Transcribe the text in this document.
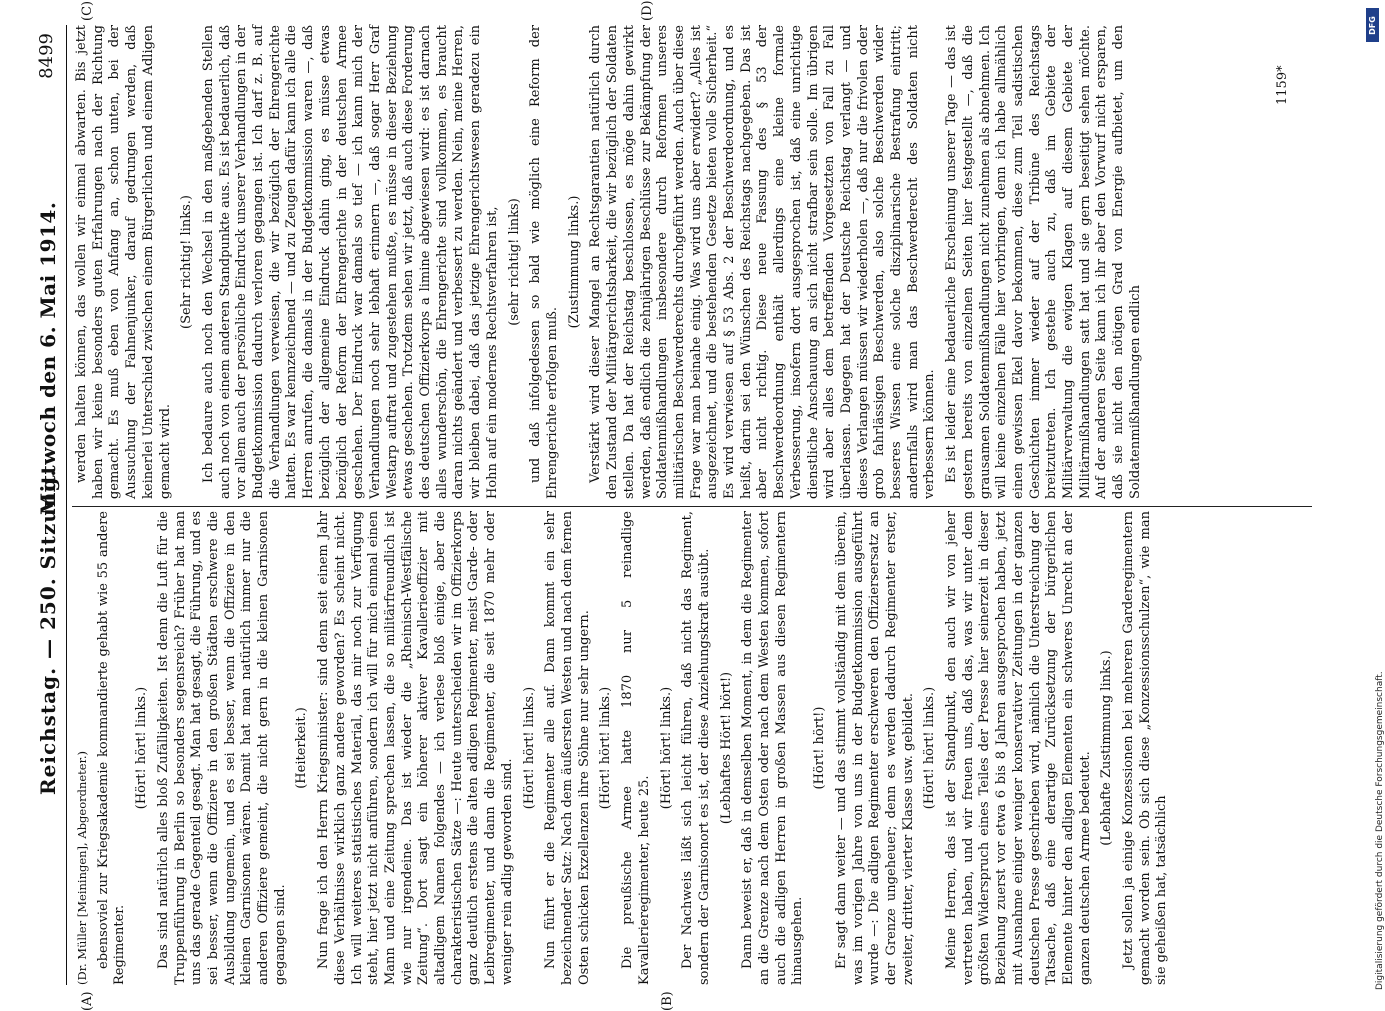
Reichstag. — 250. Sitzung.
Mittwoch den 6. Mai 1914.
8499
(A)	(B)
(C)	(D)

(Dr. Müller [Meiningen], Abgeordneter.) ebensoviel zur Kriegsakademie kommandierte gehabt wie 55 andere Regimenter.

(Hört! hört! links.) Das sind natürlich alles bloß Zufälligkeiten. Ist denn die Luft für die Truppenführung in Berlin so besonders segensreich? Früher hat man uns das gerade Gegenteil gesagt. Man hat gesagt, die Führung, und es sei besser, wenn die Offiziere in den großen Städten erschwere die Ausbildung ungemein, und es sei besser, wenn die Offiziere in den kleinen Garnisonen wären. Damit hat man natürlich immer nur die anderen Offiziere gemeint, die nicht gern in die kleinen Garnisonen gegangen sind.

(Heiterkeit.) Nun frage ich den Herrn Kriegsminister: sind denn seit einem Jahr diese Verhältnisse wirklich ganz andere geworden? Es scheint nicht. Ich will weiteres statistisches Material, das mir noch zur Verfügung steht, hier jetzt nicht anführen, sondern ich will für mich einmal einen Mann und eine Zeitung sprechen lassen, die so militärfreundlich ist wie nur irgendeine. Das ist wieder die „Rheinisch-Westfälische Zeitung“. Dort sagt ein höherer aktiver Kavallerieoffizier mit altadligem Namen folgendes — ich verlese bloß einige, aber die charakteristischen Sätze —: Heute unterscheiden wir im Offizierkorps ganz deutlich erstens die alten adligen Regimenter, meist Garde- oder Leibregimenter, und dann die Regimenter, die seit 1870 mehr oder weniger rein adlig geworden sind.

(Hört! hört! links.) Nun führt er die Regimenter alle auf. Dann kommt ein sehr bezeichnender Satz: Nach dem äußersten Westen und nach dem fernen Osten schicken Exzellenzen ihre Söhne nur sehr ungern. (Hört! hört! links.) Die preußische Armee hatte 1870 nur 5 reinadlige Kavallerieregimenter, heute 25.

(Hört! hört! links.) Der Nachweis läßt sich leicht führen, daß nicht das Regiment, sondern der Garnisonort es ist, der diese Anziehungskraft ausübt. (Lebhaftes Hört! hört!) Dann beweist er, daß in demselben Moment, in dem die Regimenter an die Grenze nach dem Osten oder nach dem Westen kommen, sofort auch die adligen Herren in großen Massen aus diesen Regimentern hinausgehen.

(Hört! hört!) Er sagt dann weiter — und das stimmt vollständig mit dem überein, was im vorigen Jahre von uns in der Budgetkommission ausgeführt wurde —: Die adligen Regimenter erschweren den Offiziersersatz an der Grenze ungeheuer; denn es werden dadurch Regimenter erster, zweiter, dritter, vierter Klasse usw. gebildet. (Hört! hört! links.) Meine Herren, das ist der Standpunkt, den auch wir von jeher vertreten haben, und wir freuen uns, daß das, was wir unter dem größten Widerspruch eines Teiles der Presse hier seinerzeit in dieser Beziehung zuerst vor etwa 6 bis 8 Jahren ausgesprochen haben, jetzt mit Ausnahme einiger weniger konservativer Zeitungen in der ganzen deutschen Presse geschrieben wird, nämlich die Unterstreichung der Tatsache, daß eine derartige Zurücksetzung der bürgerlichen Elemente hinter den adligen Elementen ein schweres Unrecht an der ganzen deutschen Armee bedeutet.

(Lebhafte Zustimmung links.) Jetzt sollen ja einige Konzessionen bei mehreren Garderegimentern gemacht worden sein. Ob sich diese „Konzessionsschulzen“, wie man sie geheißen hat, tatsächlich

werden halten können, das wollen wir einmal abwarten. Bis jetzt haben wir keine besonders guten Erfahrungen nach der Richtung gemacht. Es muß eben von Anfang an, schon unten, bei der Aussuchung der Fahnenjunker, darauf gedrungen werden, daß keinerlei Unterschied zwischen einem Bürgerlichen und einem Adligen gemacht wird.

(Sehr richtig! links.) Ich bedaure auch noch den Wechsel in den maßgebenden Stellen auch noch von einem anderen Standpunkte aus. Es ist bedauerlich, daß vor allem auch der persönliche Eindruck unserer Verhandlungen in der Budgetkommission dadurch verloren gegangen ist. Ich darf z. B. auf die Verhandlungen verweisen, die wir bezüglich der Ehrengerichte hatten. Es war kennzeichnend — und zu Zeugen dafür kann ich alle die Herren anrufen, die damals in der Budgetkommission waren —, daß bezüglich der allgemeine Eindruck dahin ging, es müsse etwas bezüglich der Reform der Ehrengerichte in der deutschen Armee geschehen. Der Eindruck war damals so tief — ich kann mich der Verhandlungen noch sehr lebhaft erinnern —, daß sogar Herr Graf Westarp auftrat und zugestehen mußte, es müsse in dieser Beziehung etwas geschehen. Trotzdem sehen wir jetzt, daß auch diese Forderung des deutschen Offizierkorps a limine abgewiesen wird: es ist darnach alles wunderschön, die Ehrengerichte sind vollkommen, es braucht daran nichts geändert und verbessert zu werden. Nein, meine Herren, wir bleiben dabei, daß das jetzige Ehrengerichtswesen geradezu ein Hohn auf ein modernes Rechtsverfahren ist, (sehr richtig! links) und daß infolgedessen so bald wie möglich eine Reform der Ehrengerichte erfolgen muß.

(Zustimmung links.) Verstärkt wird dieser Mangel an Rechtsgarantien natürlich durch den Zustand der Militärgerichtsbarkeit, die wir bezüglich der Soldaten stellen. Da hat der Reichstag beschlossen, es möge dahin gewirkt werden, daß endlich die zehnjährigen Beschlüsse zur Bekämpfung der Soldatenmißhandlungen insbesondere durch Reformen unseres militärischen Beschwerderechts durchgeführt werden. Auch über diese Frage war man beinahe einig. Was wird uns aber erwidert? „Alles ist ausgezeichnet, und die bestehenden Gesetze bieten volle Sicherheit.“ Es wird verwiesen auf § 53 Abs. 2 der Beschwerdeordnung, und es heißt, darin sei den Wünschen des Reichstags nachgegeben. Das ist aber nicht richtig. Diese neue Fassung des § 53 der Beschwerdeordnung enthält allerdings eine kleine formale Verbesserung, insofern dort ausgesprochen ist, daß eine unrichtige dienstliche Anschauung an sich nicht strafbar sein solle. Im übrigen wird aber alles dem betreffenden Vorgesetzten von Fall zu Fall überlassen. Dagegen hat der Deutsche Reichstag verlangt — und dieses Verlangen müssen wir wiederholen —, daß nur die frivolen oder grob fahrlässigen Beschwerden, also solche Beschwerden wider besseres Wissen eine solche disziplinarische Bestrafung eintritt; andernfalls wird man das Beschwerderecht des Soldaten nicht verbessern können. Es ist leider eine bedauerliche Erscheinung unserer Tage — das ist gestern bereits von einzelnen Seiten hier festgestellt —, daß die grausamen Soldatenmißhandlungen nicht zunehmen als abnehmen. Ich will keine einzelnen Fälle hier vorbringen, denn ich habe allmählich einen gewissen Ekel davor bekommen, diese zum Teil sadistischen Geschichten immer wieder auf der Tribüne des Reichstags breitzutreten. Ich gestehe auch zu, daß im Gebiete der Militärverwaltung die ewigen Klagen auf diesem Gebiete der Militärmißhandlungen satt hat und sie gern beseitigt sehen möchte. Auf der anderen Seite kann ich ihr aber den Vorwurf nicht ersparen, daß sie nicht den nötigen Grad von Energie aufbietet, um den Soldatenmißhandlungen endlich

1159*
DFG
Digitalisierung gefördert durch die Deutsche Forschungsgemeinschaft.
